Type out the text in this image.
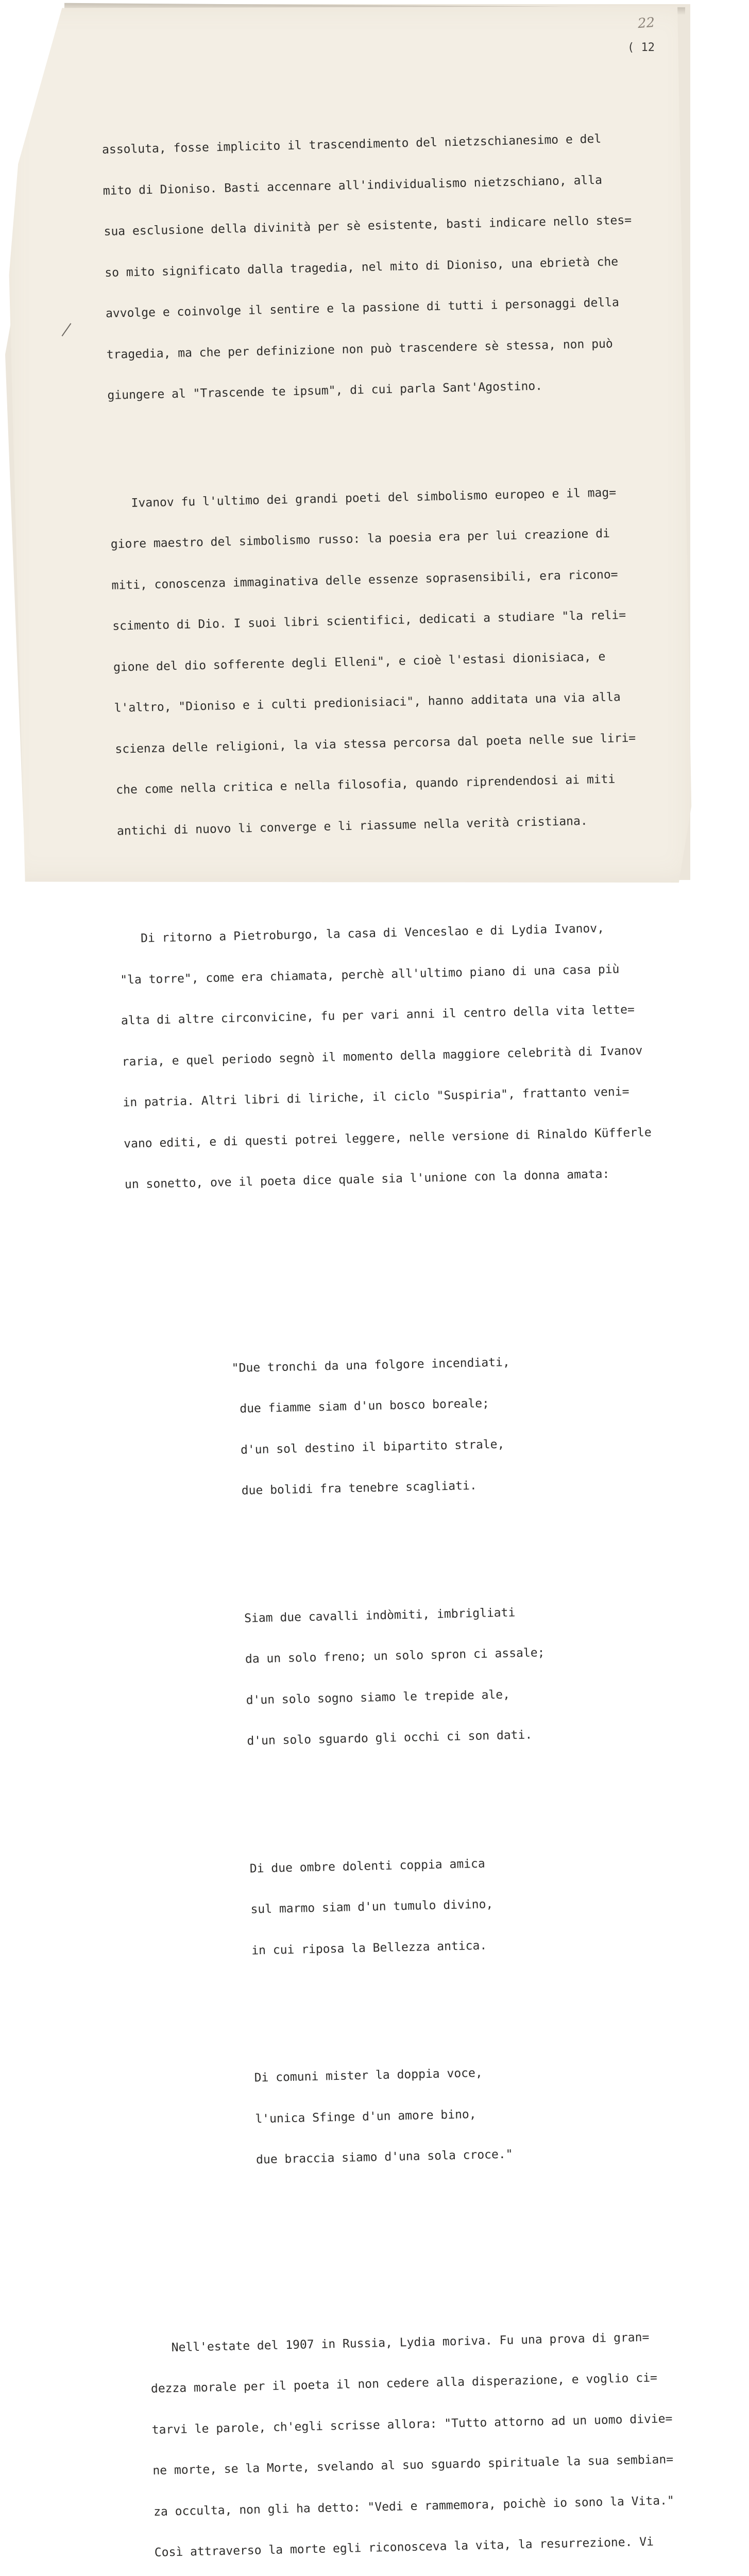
22
( 12

assoluta, fosse implicito il trascendimento del nietzschianesimo e del

mito di Dioniso. Basti accennare all'individualismo nietzschiano, alla

sua esclusione della divinità per sè esistente, basti indicare nello stes=

so mito significato dalla tragedia, nel mito di Dioniso, una ebrietà che

avvolge e coinvolge il sentire e la passione di tutti i personaggi della

tragedia, ma che per definizione non può trascendere sè stessa, non può

giungere al "Trascende te ipsum", di cui parla Sant'Agostino.

Ivanov fu l'ultimo dei grandi poeti del simbolismo europeo e il mag=

giore maestro del simbolismo russo: la poesia era per lui creazione di

miti, conoscenza immaginativa delle essenze soprasensibili, era ricono=

scimento di Dio. I suoi libri scientifici, dedicati a studiare "la reli=

gione del dio sofferente degli Elleni", e cioè l'estasi dionisiaca, e

l'altro, "Dioniso e i culti predionisiaci", hanno additata una via alla

scienza delle religioni, la via stessa percorsa dal poeta nelle sue liri=

che come nella critica e nella filosofia, quando riprendendosi ai miti

antichi di nuovo li converge e li riassume nella verità cristiana.

Di ritorno a Pietroburgo, la casa di Venceslao e di Lydia Ivanov,

"la torre", come era chiamata, perchè all'ultimo piano di una casa più

alta di altre circonvicine, fu per vari anni il centro della vita lette=

raria, e quel periodo segnò il momento della maggiore celebrità di Ivanov

in patria. Altri libri di liriche, il ciclo "Suspiria", frattanto veni=

vano editi, e di questi potrei leggere, nelle versione di Rinaldo Küfferle

un sonetto, ove il poeta dice quale sia l'unione con la donna amata:

"Due tronchi da una folgore incendiati,

due fiamme siam d'un bosco boreale;

d'un sol destino il bipartito strale,

due bolidi fra tenebre scagliati.

Siam due cavalli indòmiti, imbrigliati

da un solo freno; un solo spron ci assale;

d'un solo sogno siamo le trepide ale,

d'un solo sguardo gli occhi ci son dati.

Di due ombre dolenti coppia amica

sul marmo siam d'un tumulo divino,

in cui riposa la Bellezza antica.

Di comuni mister la doppia voce,

l'unica Sfinge d'un amore bino,

due braccia siamo d'una sola croce."

Nell'estate del 1907 in Russia, Lydia moriva. Fu una prova di gran=

dezza morale per il poeta il non cedere alla disperazione, e voglio ci=

tarvi le parole, ch'egli scrisse allora: "Tutto attorno ad un uomo divie=

ne morte, se la Morte, svelando al suo sguardo spirituale la sua sembian=

za occulta, non gli ha detto: "Vedi e rammemora, poichè io sono la Vita."

Così attraverso la morte egli riconosceva la vita, la resurrezione. Vi
